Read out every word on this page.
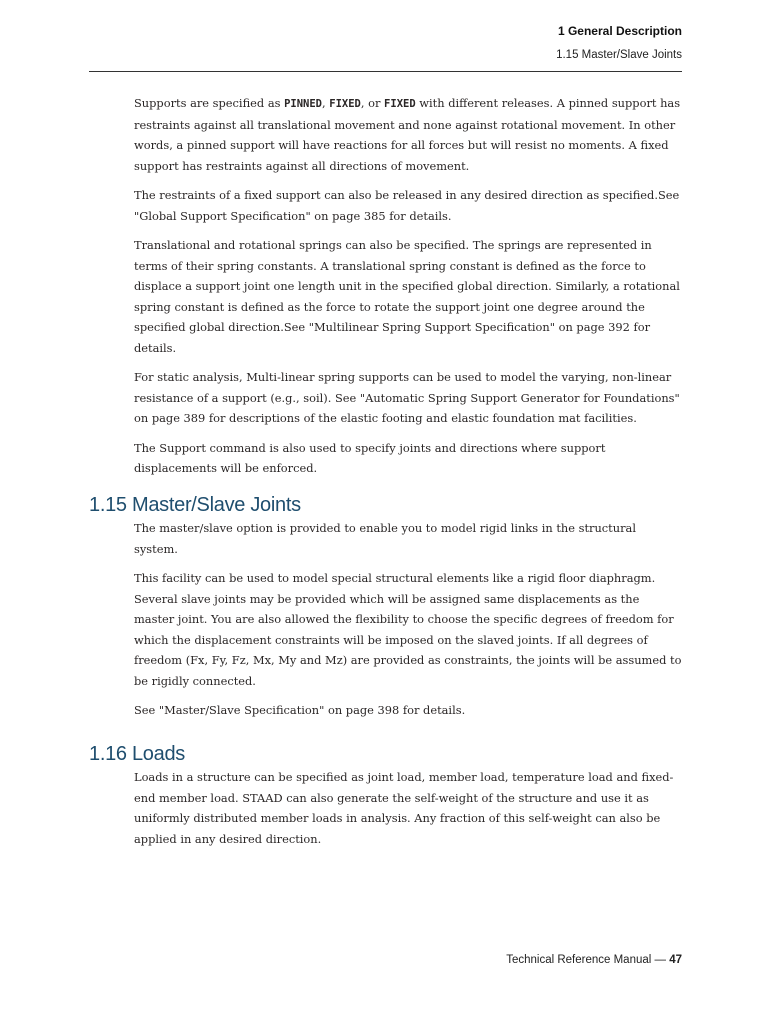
1 General Description
1.15 Master/Slave Joints

Supports are specified as PINNED, FIXED, or FIXED with different releases. A pinned support has restraints against all translational movement and none against rotational movement. In other words, a pinned support will have reactions for all forces but will resist no moments. A fixed support has restraints against all directions of movement.

The restraints of a fixed support can also be released in any desired direction as specified.See "Global Support Specification" on page 385 for details.

Translational and rotational springs can also be specified. The springs are represented in terms of their spring constants. A translational spring constant is defined as the force to displace a support joint one length unit in the specified global direction. Similarly, a rotational spring constant is defined as the force to rotate the support joint one degree around the specified global direction.See "Multilinear Spring Support Specification" on page 392 for details.

For static analysis, Multi-linear spring supports can be used to model the varying, non-linear resistance of a support (e.g., soil). See "Automatic Spring Support Generator for Foundations" on page 389 for descriptions of the elastic footing and elastic foundation mat facilities.

The Support command is also used to specify joints and directions where support displacements will be enforced.

1.15 Master/Slave Joints

The master/slave option is provided to enable you to model rigid links in the structural system.

This facility can be used to model special structural elements like a rigid floor diaphragm. Several slave joints may be provided which will be assigned same displacements as the master joint. You are also allowed the flexibility to choose the specific degrees of freedom for which the displacement constraints will be imposed on the slaved joints. If all degrees of freedom (Fx, Fy, Fz, Mx, My and Mz) are provided as constraints, the joints will be assumed to be rigidly connected.

See "Master/Slave Specification" on page 398 for details.

1.16 Loads

Loads in a structure can be specified as joint load, member load, temperature load and fixed-end member load. STAAD can also generate the self-weight of the structure and use it as uniformly distributed member loads in analysis. Any fraction of this self-weight can also be applied in any desired direction.

Technical Reference Manual — 47
